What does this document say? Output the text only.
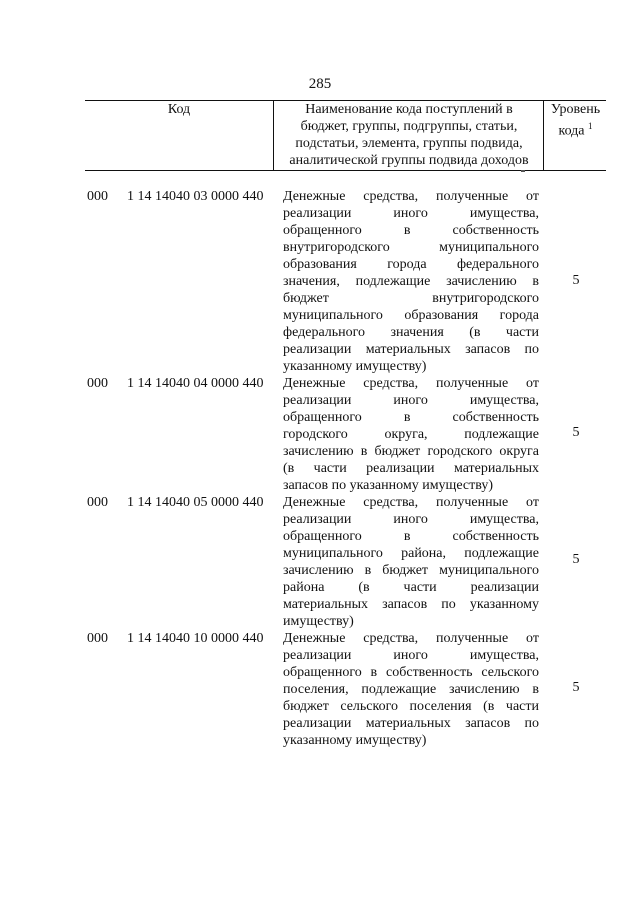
285
Код	Наименование кода поступлений в
бюджет, группы, подгруппы, статьи,
подстатьи, элемента, группы подвида,
аналитической группы подвида доходов
Уровень
кода $^1$
000 1 14 14040 03 0000 440 Денежные средства, полученные от
реализации иного имущества,
обращенного в собственность
внутригородского муниципального
образования города федерального
значения, подлежащие зачислению в
бюджет внутригородского
муниципального образования города
федерального значения (в части
реализации материальных запасов по
указанному имуществу)
5
000 1 14 14040 04 0000 440 Денежные средства, полученные от
реализации иного имущества,
обращенного в собственность
городского округа, подлежащие
зачислению в бюджет городского округа
(в части реализации материальных
запасов по указанному имуществу)
5
000 1 14 14040 05 0000 440 Денежные средства, полученные от
реализации иного имущества,
обращенного в собственность
муниципального района, подлежащие
зачислению в бюджет муниципального
района (в части реализации
материальных запасов по указанному
имуществу)
5
000 1 14 14040 10 0000 440 Денежные средства, полученные от
реализации иного имущества,
обращенного в собственность сельского
поселения, подлежащие зачислению в
бюджет сельского поселения (в части
реализации материальных запасов по
указанному имуществу)
5
